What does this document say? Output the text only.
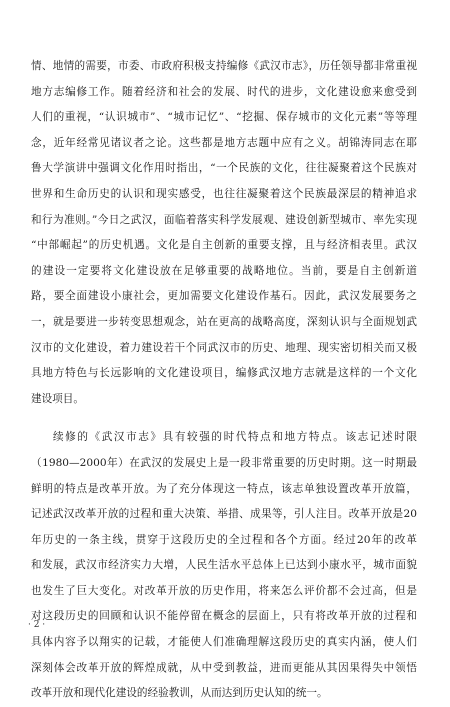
情、地情的需要，市委、市政府积极支持编修《武汉市志》，历任领导都非常重视
地方志编修工作。随着经济和社会的发展、时代的进步，文化建设愈来愈受到
人们的重视，“认识城市”、“城市记忆”、“挖掘、保存城市的文化元素”等等理
念，近年经常见诸议者之论。这些都是地方志题中应有之义。胡锦涛同志在耶
鲁大学演讲中强调文化作用时指出，“一个民族的文化，往往凝聚着这个民族对
世界和生命历史的认识和现实感受，也往往凝聚着这个民族最深层的精神追求
和行为准则。”今日之武汉，面临着落实科学发展观、建设创新型城市、率先实现
“中部崛起”的历史机遇。文化是自主创新的重要支撑，且与经济相表里。武汉
的建设一定要将文化建设放在足够重要的战略地位。当前，要是自主创新道
路，要全面建设小康社会，更加需要文化建设作基石。因此，武汉发展要务之
一，就是要进一步转变思想观念，站在更高的战略高度，深刻认识与全面规划武
汉市的文化建设，着力建设若干个同武汉市的历史、地理、现实密切相关而又极
具地方特色与长远影响的文化建设项目，编修武汉地方志就是这样的一个文化
建设项目。
续修的《武汉市志》具有较强的时代特点和地方特点。该志记述时限
（1980—2000年）在武汉的发展史上是一段非常重要的历史时期。这一时期最
鲜明的特点是改革开放。为了充分体现这一特点，该志单独设置改革开放篇，
记述武汉改革开放的过程和重大决策、举措、成果等，引人注目。改革开放是20
年历史的一条主线，贯穿于这段历史的全过程和各个方面。经过20年的改革
和发展，武汉市经济实力大增，人民生活水平总体上已达到小康水平，城市面貌
也发生了巨大变化。对改革开放的历史作用，将来怎么评价都不会过高，但是
对这段历史的回顾和认识不能停留在概念的层面上，只有将改革开放的过程和
具体内容予以翔实的记载，才能使人们准确理解这段历史的真实内涵，使人们
深刻体会改革开放的辉煌成就，从中受到教益，进而更能从其因果得失中领悟
改革开放和现代化建设的经验教训，从而达到历史认知的统一。
· 2 ·
